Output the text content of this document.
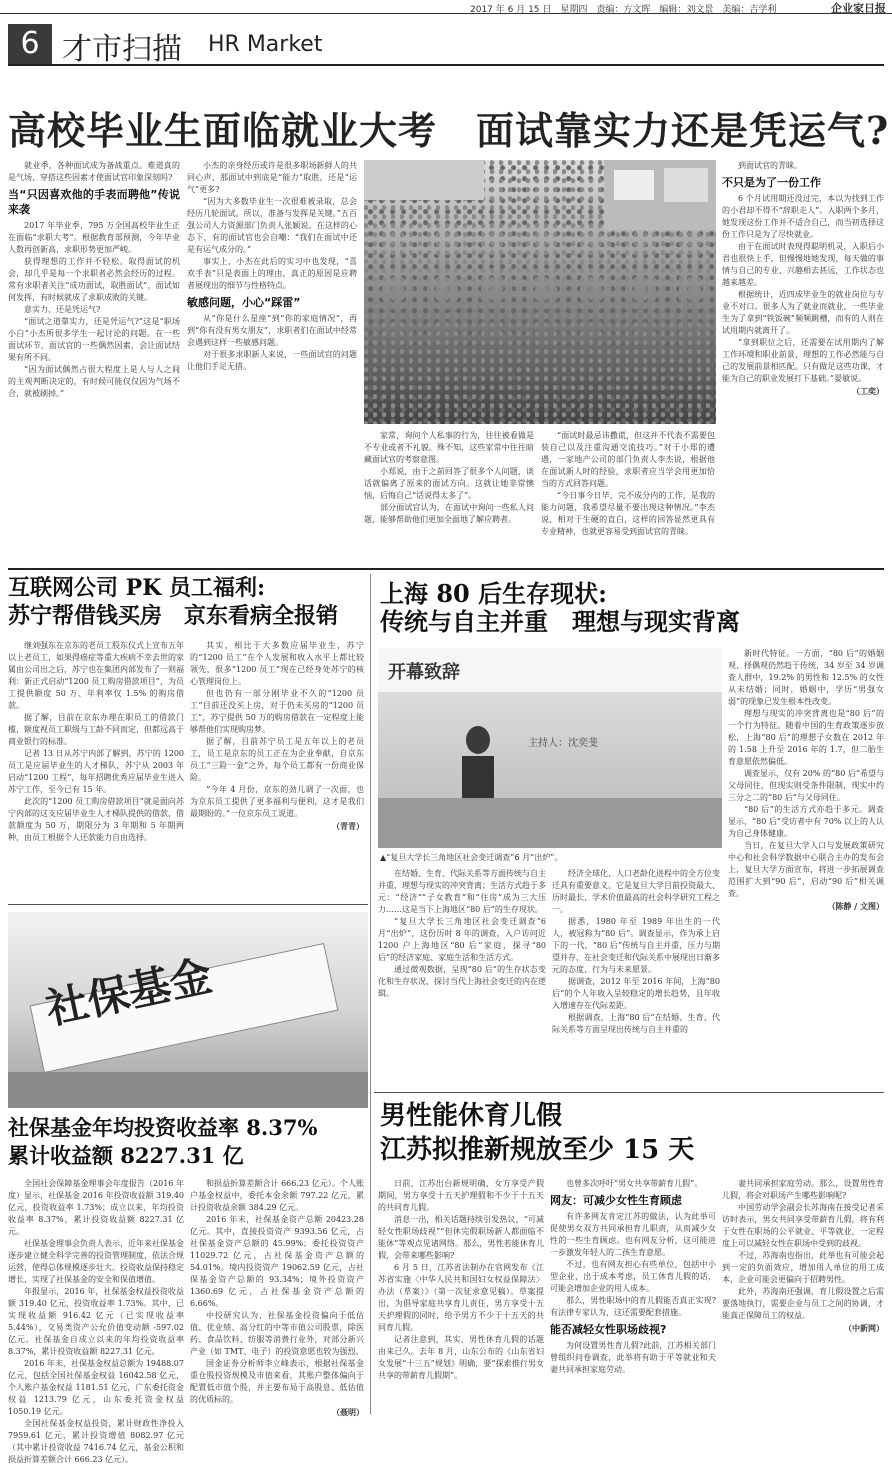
2017 年 6 月 15 日　星期四　责编：方文晖　编辑：刘文景　美编：吉学利	企业家日报
6 才市扫描 HR Market
高校毕业生面临就业大考　面试靠实力还是凭运气?

就业季，各种面试成为备战重点。难道真的是气场、穿搭这些因素才使面试官印象深刻吗?

当“只因喜欢他的手表而聘他”传说来袭

2017 年毕业季，795 万全国高校毕业生正在面临“求职大考”。根据教育部预测，今年毕业人数再创新高，求职形势更加严峻。

获得理想的工作并不轻松。取得面试的机会，却几乎是每一个求职者必然会经历的过程。常有求职者关注“成功面试，取胜面试”，面试如何发挥，有时候就成了求职成败的关键。

意实力，还是凭运气?

“面试之道靠实力，还是凭运气?”这是“职场小白”小杰所很多学生一起讨论的问题。在一些面试环节，面试官的一些偶然因素，会让面试结果有所不同。

“因为面试偶然占很大程度上是人与人之间的主观判断决定的，有时候可能仅仅因为气场不合，就被刷掉。”

小杰的亲身经历或许是很多职场新鲜人的共同心声，那面试中到底是“能力”取胜，还是“运气”更多?

“因为大多数毕业生一次很难被录取，总会经历几轮面试。所以，准备与发挥是关键。”五百强公司人力资源部门负责人张颖说。在这样的心态下，有的面试官也会自嘲：“我们在面试中还是有运气成分的。”

事实上，小杰在此后的实习中也发现，“喜欢手表”只是表面上的理由，真正的原因是应聘者展现出的细节与性格特点。

敏感问题，小心“踩雷”

从“你是什么星座”到“你的家庭情况”，再到“你有没有男女朋友”，求职者们在面试中经常会遇到这样一些敏感问题。

对于很多求职新人来说，一些面试官的问题让他们手足无措。

家常，询问个人私事的行为，往往被看做是不专业或者不礼貌。殊不知，这些家常中往往暗藏面试官的考察意图。

小郑说，由于之前回答了很多个人问题，谈话就偏离了原来的面试方向。这就让她非常懊恼，后悔自己“话说得太多了”。

部分面试官认为，在面试中询问一些私人问题，能够帮助他们更加全面地了解应聘者。

“面试时最忌讳撒谎，但这并不代表不需要包装自己以及注重沟通交流技巧。”对于小郑的遭遇，一家地产公司的部门负责人李杰说，根据他在面试新人时的经验，求职者应当学会用更加恰当的方式回答问题。

“今日事今日毕，完不成分内的工作，是我的能力问题，我希望尽量不要出现这种情况。”李杰说，相对于生硬的直白，这样的回答显然更具有专业精神，也就更容易受到面试官的青睐。

到面试官的青睐。

不只是为了一份工作

6 个月试用期还没过完，本以为找到工作的小君却不得不“辞职走人”。入职两个多月，她发现这份工作并不适合自己，而当初选择这份工作只是为了尽快就业。

由于在面试时表现得聪明机灵，入职后小君也很快上手，但慢慢地她发现，每天做的事情与自己的专业、兴趣相去甚远，工作状态也越来越差。

根据统计，近四成毕业生的就业岗位与专业不对口。很多人为了就业而就业，一些毕业生为了拿到“铁饭碗”频频跳槽，而有的人则在试用期内就离开了。

“拿到职位之后，还需要在试用期内了解工作环境和职业前景，理想的工作必然能与自己的发展前景相匹配。只有做足这些功课，才能为自己的职业发展打下基础。”晏敏说。

（工奕）

互联网公司 PK 员工福利:
苏宁帮借钱买房　京东看病全报销

继刘强东在京东的老员工股东仪式上宣布五年以上老员工，如果得癌症等重大疾病不幸去世的家属由公司出之后，苏宁也在集团内部发布了一则福利：新正式启动“1200 员工购房借款项目”，为员工提供额度 50 万、年利率仅 1.5% 的购房借款。

据了解，目前在京东办理在职员工的借款门槛，额度视员工职级与工龄不同而定，但都远高于商业银行的标准。

记者 13 日从苏宁内部了解到，苏宁的 1200 员工是应届毕业生的人才梯队，苏宁从 2003 年启动“1200 工程”，每年招聘优秀应届毕业生进入苏宁工作，至今已有 15 年。

此次的“1200 员工购房借款项目”就是面向苏宁内部的这支应届毕业生人才梯队提供的借款，借款额度为 50 万，期限分为 3 年期和 5 年期两种，由员工根据个人还款能力自由选择。

其实，相比于大多数应届毕业生，苏宁的“1200 员工”在个人发展和收入水平上都比较领先，很多“1200 员工”现在已经身处苏宁的核心管理岗位上。

但也仍有一部分刚毕业不久的“1200 员工”目前还没买上房，对于仍未买房的“1200 员工”，苏宁提供 50 万的购房借款在一定程度上能够帮他们实现购房梦。

据了解，目前苏宁员工是五年以上的老员工，员工是京东的员工正在为企业奉献，自京东员工“三险一金”之外，每个员工都有一份商业保险。

“今年 4 月份，京东的劲儿调了一次面，也为京东员工提供了更多福利与便利，这才是我们最期盼的。”一位京东员工说道。

（青青）

上海 80 后生存现状:
传统与自主并重　理想与现实背离
开幕致辞
主持人：沈奕斐
▲“复旦大学长三角地区社会变迁调查”6 月“出炉”。

在结婚、生育、代际关系等方面传统与自主并重，理想与现实的冲突背离；生活方式趋于多元：“经济”“子女教育”和“住房”成为三大压力……这是当下上海地区“80 后”的生存现状。

“复旦大学长三角地区社会变迁调查”6 月“出炉”，这份历时 8 年的调查，入户访问近 1200 户上海地区“80 后”家庭，探寻“80 后”的经济家庭、家庭生活和生活方式。

通过微观数据，呈现“80 后”的生存状态变化和生存状况，探讨当代上海社会变迁的内在逻辑。

经济全球化、人口老龄化进程中的全方位变迁具有重要意义。它是复旦大学目前投资最大、历时最长、学术价值最高的社会科学研究工程之一。

据悉，1980 年至 1989 年出生的一代人，被冠称为“80 后”。调查显示，作为承上启下的一代，“80 后”传统与自主并重，压力与期望并存，在社会变迁和代际关系中展现出日渐多元的态度、行为与未来愿景。

据调查，2012 年至 2016 年间，上海“80 后”的个人年收入呈较稳定的增长趋势，且年收入增速存在代际差距。

根据调查，上海“80 后”在结婚、生育、代际关系等方面呈现出传统与自主并重的

新时代特征。一方面，“80 后”的婚姻观、择偶观仍然趋于传统，34 岁至 34 岁调查人群中，19.2% 的男性和 12.5% 的女性从未结婚；同时，婚姻中，学历“男强女弱”的现象已发生根本性改变。

理想与现实的冲突背离也是“80 后”的一个行为特征。随着中国的生育政策逐步放松，上海“80 后”的理想子女数在 2012 年的 1.58 上升至 2016 年的 1.7，但二胎生育意愿依然偏低。

调查显示，仅有 20% 的“80 后”希望与父母同住，但现实则受条件限制，现实中约三分之二的“80 后”与父母同住。

“80 后”的生活方式亦趋于多元。调查显示，“80 后”受访者中有 70% 以上的人认为自己身体健康。

当日，在复旦大学人口与发展政策研究中心和社会科学数据中心联合主办的发布会上，复旦大学方面宣布，将进一步拓展调查范围扩大到“90 后”，启动“90 后”相关调查。

（陈静 / 文图）

社保基金
社保基金年均投资收益率 8.37%
累计收益额 8227.31 亿

全国社会保障基金理事会年度报告（2016 年度）显示，社保基金 2016 年投资收益额 319.40 亿元，投资收益率 1.73%；成立以来，年均投资收益率 8.37%，累计投资收益额 8227.31 亿元。

社保基金理事会负责人表示，近年来社保基金逐步建立健全科学完善的投资管理制度，依法合规运营，使得总体规模逐步壮大。投资收益保持稳定增长，实现了社保基金的安全和保值增值。

年报显示，2016 年，社保基金权益投资收益额 319.40 亿元，投资收益率 1.73%。其中，已实现收益额 916.42 亿元（已实现收益率 5.44%），交易类资产公允价值变动额 -597.02 亿元。社保基金自成立以来的年均投资收益率 8.37%，累计投资收益额 8227.31 亿元。

2016 年末，社保基金权益总额为 19488.07 亿元，包括全国社保基金权益 16042.58 亿元，个人账户基金权益 1181.51 亿元，广东委托资金权益 1213.79 亿元，山东委托资金权益 1050.19 亿元。

全国社保基金权益投资，累计财政性净投入 7959.61 亿元，累计投资增值 8082.97 亿元（其中累计投资收益 7416.74 亿元，基金公积和损益折算差额合计 666.23 亿元）。

和损益折算差额合计 666.23 亿元）。个人账户基金权益中，委托本金余额 797.22 亿元，累计投资收益余额 384.29 亿元。

2016 年末，社保基金资产总额 20423.28 亿元。其中，直接投资资产 9393.56 亿元，占社保基金资产总额的 45.99%；委托投资资产 11029.72 亿元，占社保基金资产总额的 54.01%。境内投资资产 19062.59 亿元，占社保基金资产总额的 93.34%；境外投资资产 1360.69 亿元，占社保基金资产总额的 6.66%。

中投研究认为，社保基金投资偏向于低估值、优业绩、高分红的中等市值公司股票，除医药、食品饮料、纺服等消费行业外，对部分新兴产业（如 TMT、电子）的投资意愿也较为强烈。

国金证券分析师李立峰表示，根据社保基金重仓股投资规模及市值来看，其账户整体偏向于配置低市值个股，并主要布局于高股息、低估值的优质标的。

（聂明）

男性能休育儿假
江苏拟推新规放至少 15 天

日前，江苏出台新规明确，女方享受产假期间，男方享受十五天护理假和不少于十五天的共同育儿假。

消息一出，相关话题持续引发热议，“可减轻女性职场歧视”“但休完假职场新人都面临不能休”等观点见诸网络。那么，男性若能休育儿假，会带来哪些影响?

6 月 5 日，江苏省法制办在官网发布《江苏省实施〈中华人民共和国妇女权益保障法〉办法（草案）》（第一次征求意见稿）。草案提出，为倡导家庭共享育儿责任，男方享受十五天护理假的同时，给予男方不少于十五天的共同育儿假。

记者注意到，其实，男性休育儿假的话题由来已久。去年 8 月，山东公布的《山东省妇女发展“十三五”规划》明确，要“探索推行男女共享的带薪育儿假期”。

也曾多次呼吁“男女共享带薪育儿假”。

网友：可减少女性生育顾虑

有许多网友肯定江苏的做法，认为此举可促使男女双方共同承担育儿职责，从而减少女性的一些生育顾虑。也有网友分析，这可能进一步激发年轻人的二孩生育意愿。

不过，也有网友担心有些单位，包括中小型企业，出于成本考虑，员工休育儿假的话，可能会增加企业的用人成本。

那么，男性职场中的育儿假能否真正实现?有法律专家认为，这还需要配套措施。

能否减轻女性职场歧视?

为何设置男性育儿假?此前，江苏相关部门曾组织问卷调查，此举将有助于平等就业和夫妻共同承担家庭劳动。

妻共同承担家庭劳动。那么，设置男性育儿假，将会对职场产生哪些影响呢?

中国劳动学会副会长苏海南在接受记者采访时表示，男女共同享受带薪育儿假，将有利于女性在职场的公平就业、平等就业，一定程度上可以减轻女性在职场中受到的歧视。

不过，苏海南也指出，此举也有可能会起到一定的负面效应，增加用人单位的用工成本，企业可能会更偏向于招聘男性。

此外，苏海南还强调，育儿假设置之后需要落地执行，需要企业与员工之间的协调，才能真正保障员工的权益。

（中新网）
